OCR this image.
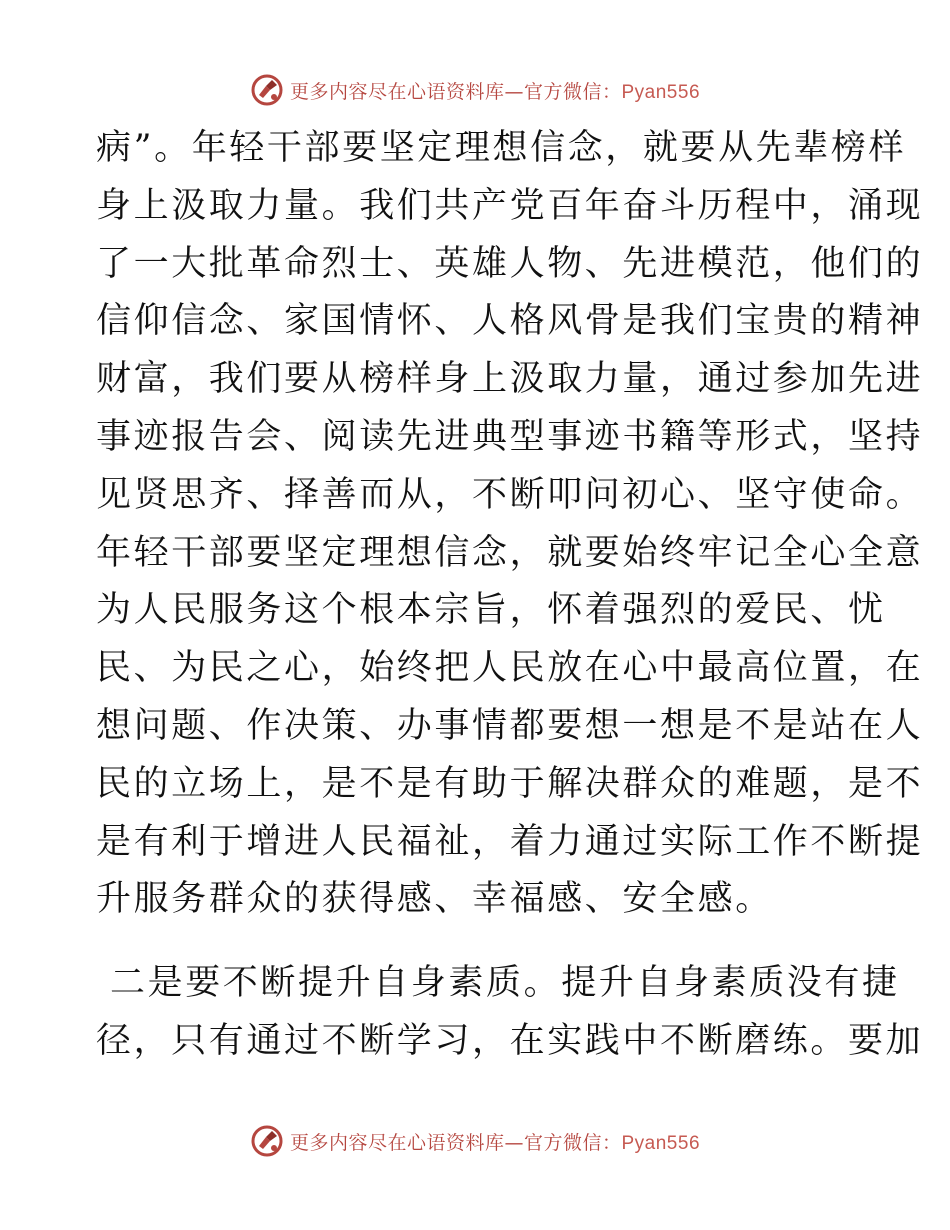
更多内容尽在心语资料库—官方微信：Pyan556
病”。年轻干部要坚定理想信念，就要从先辈榜样
身上汲取力量。我们共产党百年奋斗历程中，涌现
了一大批革命烈士、英雄人物、先进模范，他们的
信仰信念、家国情怀、人格风骨是我们宝贵的精神
财富，我们要从榜样身上汲取力量，通过参加先进
事迹报告会、阅读先进典型事迹书籍等形式，坚持
见贤思齐、择善而从，不断叩问初心、坚守使命。
年轻干部要坚定理想信念，就要始终牢记全心全意
为人民服务这个根本宗旨，怀着强烈的爱民、忧
民、为民之心，始终把人民放在心中最高位置，在
想问题、作决策、办事情都要想一想是不是站在人
民的立场上，是不是有助于解决群众的难题，是不
是有利于增进人民福祉，着力通过实际工作不断提
升服务群众的获得感、幸福感、安全感。
二是要不断提升自身素质。提升自身素质没有捷
径，只有通过不断学习，在实践中不断磨练。要加
更多内容尽在心语资料库—官方微信：Pyan556
